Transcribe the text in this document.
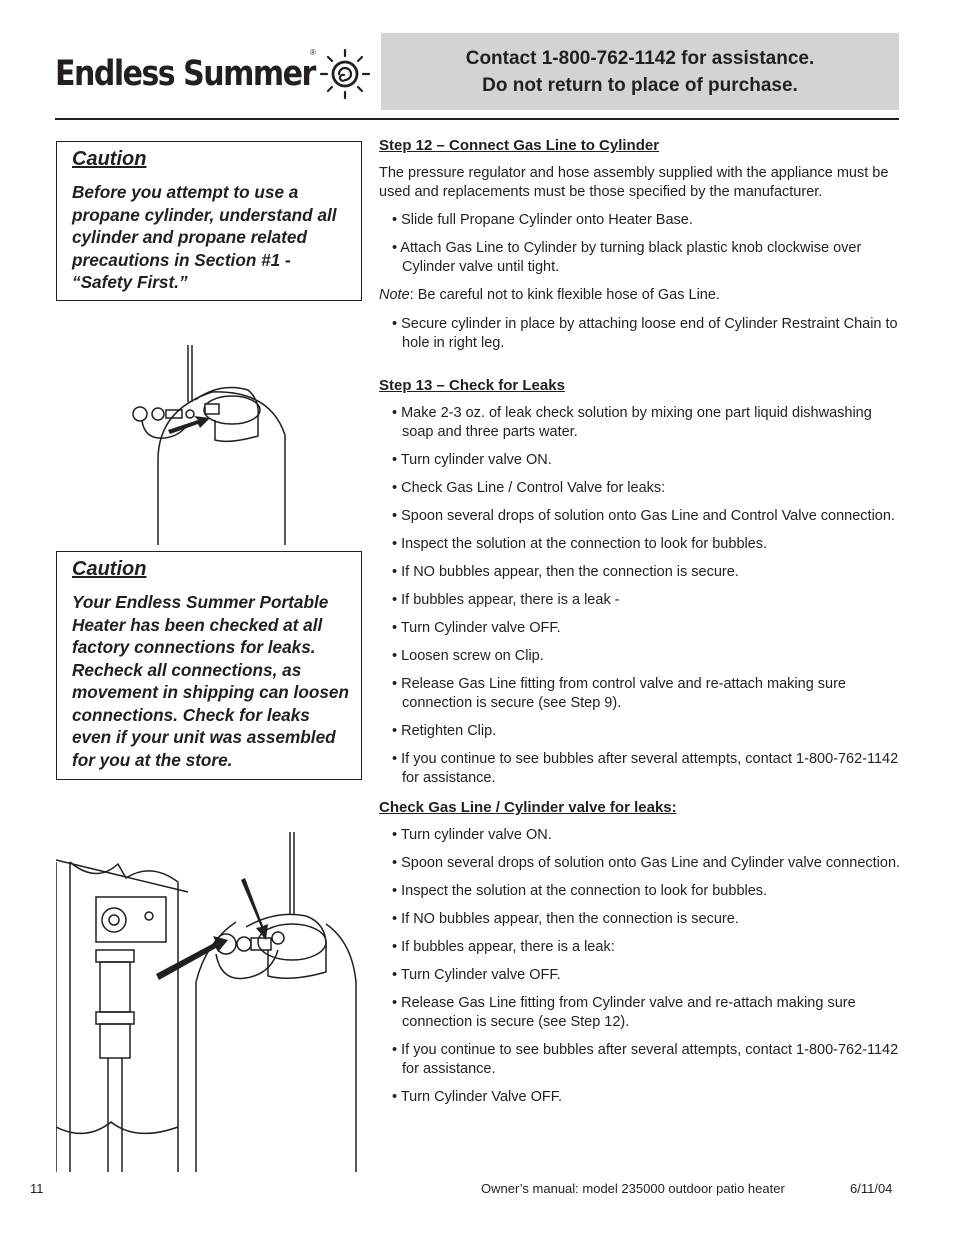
Endless Summer
®	Contact 1-800-762-1142 for assistance.
Do not return to place of purchase.
Caution
Before you attempt to use a propane cylinder, understand all cylinder and propane related precautions in Section #1 - “Safety First.”
Caution
Your Endless Summer Portable Heater has been checked at all factory connections for leaks. Recheck all connections, as movement in shipping can loosen connections. Check for leaks even if your unit was assembled for you at the store.

Step 12 – Connect Gas Line to Cylinder

The pressure regulator and hose assembly supplied with the appliance must be used and replacements must be those specified by the manufacturer.

• Slide full Propane Cylinder onto Heater Base.

• Attach Gas Line to Cylinder by turning black plastic knob clockwise over Cylinder valve until tight.

Note: Be careful not to kink flexible hose of Gas Line.

• Secure cylinder in place by attaching loose end of Cylinder Restraint Chain to hole in right leg.

Step 13 – Check for Leaks

• Make 2-3 oz. of leak check solution by mixing one part liquid dishwashing soap and three parts water.

• Turn cylinder valve ON.

• Check Gas Line / Control Valve for leaks:

• Spoon several drops of solution onto Gas Line and Control Valve connection.

• Inspect the solution at the connection to look for bubbles.

• If NO bubbles appear, then the connection is secure.

• If bubbles appear, there is a leak -

• Turn Cylinder valve OFF.

• Loosen screw on Clip.

• Release Gas Line fitting from control valve and re-attach making sure connection is secure (see Step 9).

• Retighten Clip.

• If you continue to see bubbles after several attempts, contact 1-800-762-1142 for assistance.

Check Gas Line / Cylinder valve for leaks:

• Turn cylinder valve ON.

• Spoon several drops of solution onto Gas Line and Cylinder valve connection.

• Inspect the solution at the connection to look for bubbles.

• If NO bubbles appear, then the connection is secure.

• If bubbles appear, there is a leak:

• Turn Cylinder valve OFF.

• Release Gas Line fitting from Cylinder valve and re-attach making sure connection is secure (see Step 12).

• If you continue to see bubbles after several attempts, contact 1-800-762-1142 for assistance.

• Turn Cylinder Valve OFF.

11	Owner’s manual: model 235000 outdoor patio heater	6/11/04
